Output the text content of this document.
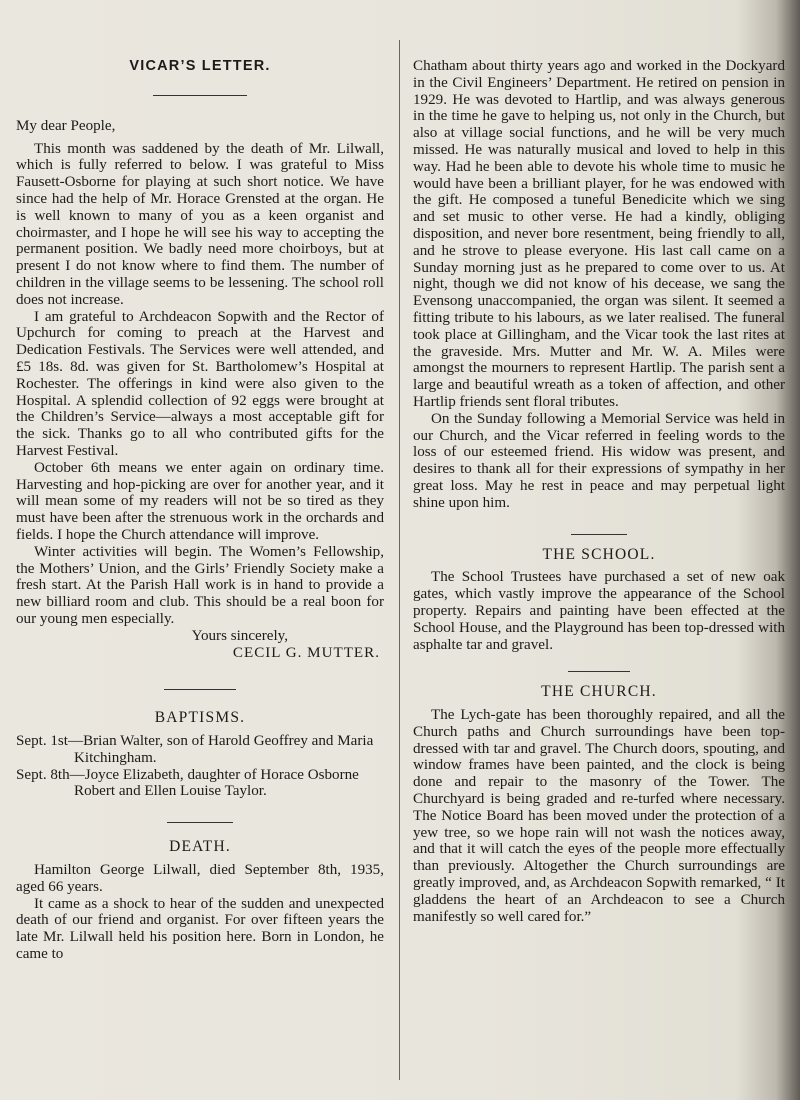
VICAR’S LETTER.

My dear People,

This month was saddened by the death of Mr. Lilwall, which is fully referred to below. I was grateful to Miss Fausett-Osborne for playing at such short notice. We have since had the help of Mr. Horace Grensted at the organ. He is well known to many of you as a keen organist and choirmaster, and I hope he will see his way to accepting the permanent position. We badly need more choirboys, but at present I do not know where to find them. The number of children in the village seems to be lessening. The school roll does not increase.

I am grateful to Archdeacon Sopwith and the Rector of Upchurch for coming to preach at the Harvest and Dedication Festivals. The Services were well attended, and £5 18s. 8d. was given for St. Bartholomew’s Hospital at Rochester. The offerings in kind were also given to the Hospital. A splendid collection of 92 eggs were brought at the Children’s Service—always a most acceptable gift for the sick. Thanks go to all who contributed gifts for the Harvest Festival.

October 6th means we enter again on ordinary time. Harvesting and hop-picking are over for another year, and it will mean some of my readers will not be so tired as they must have been after the strenuous work in the orchards and fields. I hope the Church attendance will improve.

Winter activities will begin. The Women’s Fellowship, the Mothers’ Union, and the Girls’ Friendly Society make a fresh start. At the Parish Hall work is in hand to provide a new billiard room and club. This should be a real boon for our young men especially.

Yours sincerely,

CECIL G. MUTTER.

BAPTISMS.

Sept. 1st—Brian Walter, son of Harold Geoffrey and Maria Kitchingham.

Sept. 8th—Joyce Elizabeth, daughter of Horace Osborne Robert and Ellen Louise Taylor.

DEATH.

Hamilton George Lilwall, died September 8th, 1935, aged 66 years.

It came as a shock to hear of the sudden and unexpected death of our friend and organist. For over fifteen years the late Mr. Lilwall held his position here. Born in London, he came to

Chatham about thirty years ago and worked in the Dockyard in the Civil Engineers’ Department. He retired on pension in 1929. He was devoted to Hartlip, and was always generous in the time he gave to helping us, not only in the Church, but also at village social functions, and he will be very much missed. He was naturally musical and loved to help in this way. Had he been able to devote his whole time to music he would have been a brilliant player, for he was endowed with the gift. He composed a tuneful Benedicite which we sing and set music to other verse. He had a kindly, obliging disposition, and never bore resentment, being friendly to all, and he strove to please everyone. His last call came on a Sunday morning just as he prepared to come over to us. At night, though we did not know of his decease, we sang the Evensong unaccompanied, the organ was silent. It seemed a fitting tribute to his labours, as we later realised. The funeral took place at Gillingham, and the Vicar took the last rites at the graveside. Mrs. Mutter and Mr. W. A. Miles were amongst the mourners to represent Hartlip. The parish sent a large and beautiful wreath as a token of affection, and other Hartlip friends sent floral tributes.

On the Sunday following a Memorial Service was held in our Church, and the Vicar referred in feeling words to the loss of our esteemed friend. His widow was present, and desires to thank all for their expressions of sympathy in her great loss. May he rest in peace and may perpetual light shine upon him.

THE SCHOOL.

The School Trustees have purchased a set of new oak gates, which vastly improve the appearance of the School property. Repairs and painting have been effected at the School House, and the Playground has been top-dressed with asphalte tar and gravel.

THE CHURCH.

The Lych-gate has been thoroughly repaired, and all the Church paths and Church surroundings have been top-dressed with tar and gravel. The Church doors, spouting, and window frames have been painted, and the clock is being done and repair to the masonry of the Tower. The Churchyard is being graded and re-turfed where necessary. The Notice Board has been moved under the protection of a yew tree, so we hope rain will not wash the notices away, and that it will catch the eyes of the people more effectually than previously. Altogether the Church surroundings are greatly improved, and, as Archdeacon Sopwith remarked, “ It gladdens the heart of an Archdeacon to see a Church manifestly so well cared for.”
